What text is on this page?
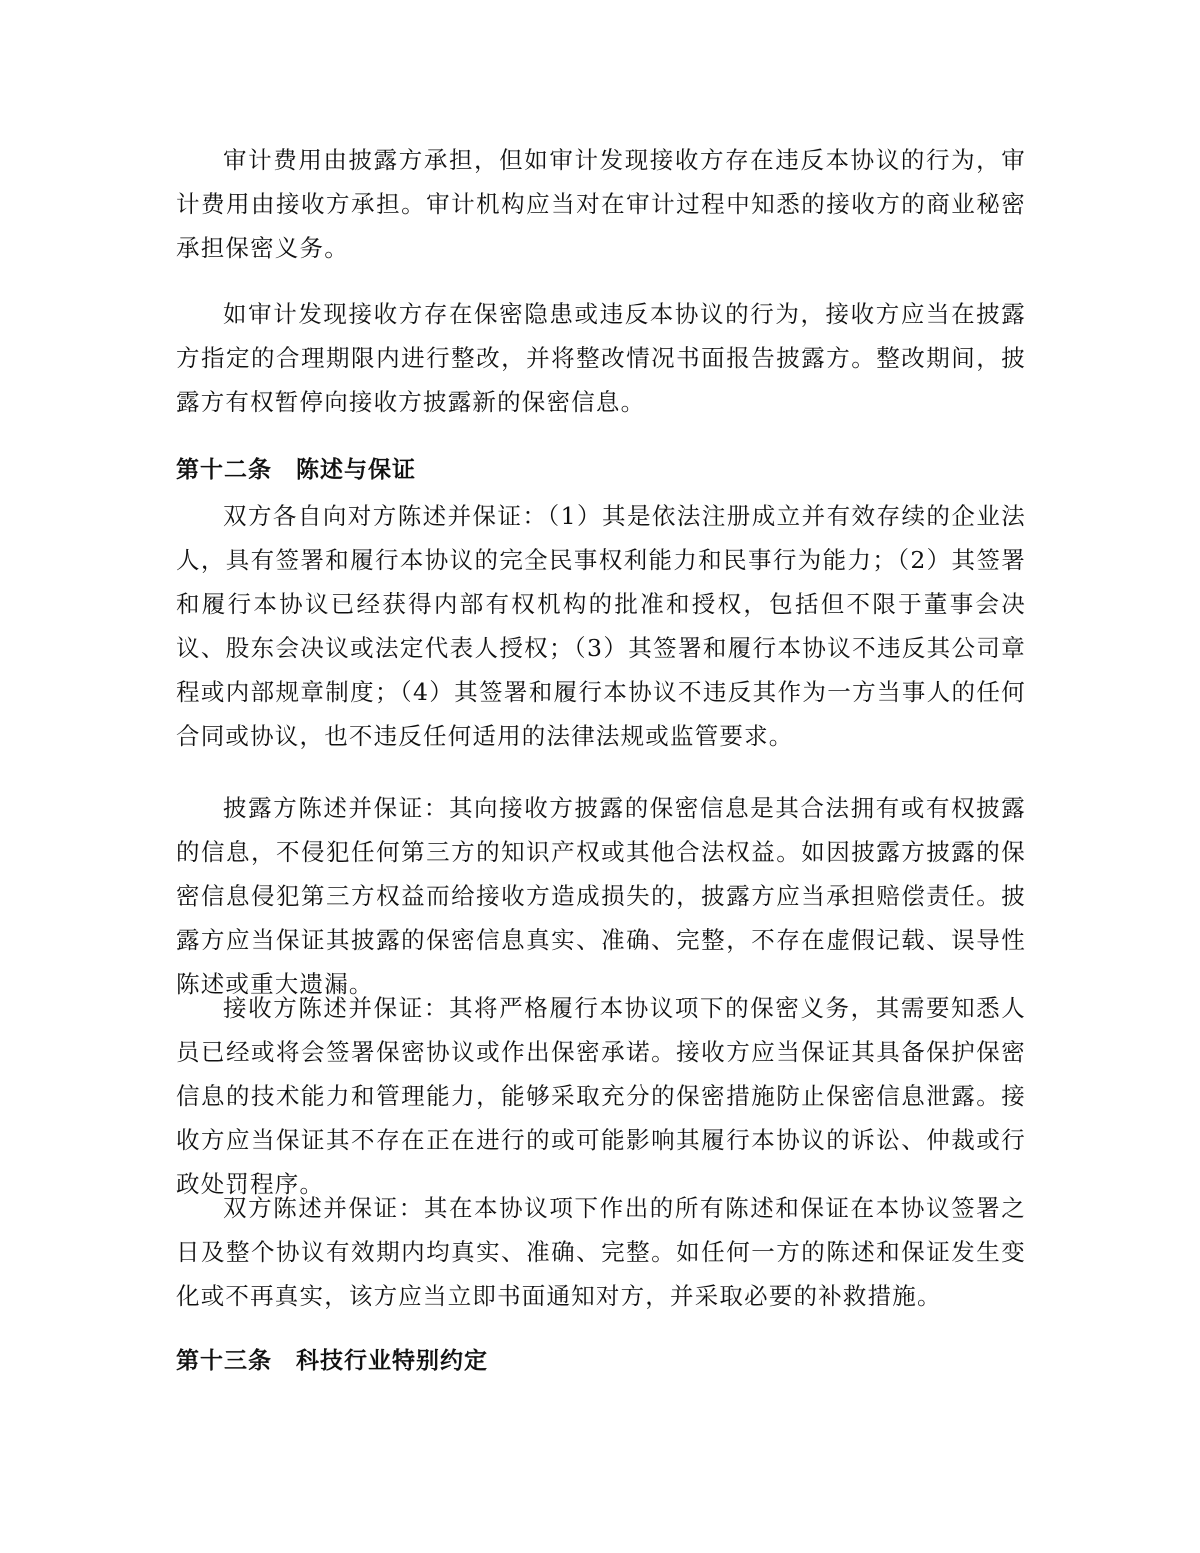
审计费用由披露方承担，但如审计发现接收方存在违反本协议的行为，审计费用由接收方承担。审计机构应当对在审计过程中知悉的接收方的商业秘密承担保密义务。

如审计发现接收方存在保密隐患或违反本协议的行为，接收方应当在披露方指定的合理期限内进行整改，并将整改情况书面报告披露方。整改期间，披露方有权暂停向接收方披露新的保密信息。

第十二条　陈述与保证

双方各自向对方陈述并保证：（1）其是依法注册成立并有效存续的企业法人，具有签署和履行本协议的完全民事权利能力和民事行为能力；（2）其签署和履行本协议已经获得内部有权机构的批准和授权，包括但不限于董事会决议、股东会决议或法定代表人授权；（3）其签署和履行本协议不违反其公司章程或内部规章制度；（4）其签署和履行本协议不违反其作为一方当事人的任何合同或协议，也不违反任何适用的法律法规或监管要求。

披露方陈述并保证：其向接收方披露的保密信息是其合法拥有或有权披露的信息，不侵犯任何第三方的知识产权或其他合法权益。如因披露方披露的保密信息侵犯第三方权益而给接收方造成损失的，披露方应当承担赔偿责任。披露方应当保证其披露的保密信息真实、准确、完整，不存在虚假记载、误导性陈述或重大遗漏。

接收方陈述并保证：其将严格履行本协议项下的保密义务，其需要知悉人员已经或将会签署保密协议或作出保密承诺。接收方应当保证其具备保护保密信息的技术能力和管理能力，能够采取充分的保密措施防止保密信息泄露。接收方应当保证其不存在正在进行的或可能影响其履行本协议的诉讼、仲裁或行政处罚程序。

双方陈述并保证：其在本协议项下作出的所有陈述和保证在本协议签署之日及整个协议有效期内均真实、准确、完整。如任何一方的陈述和保证发生变化或不再真实，该方应当立即书面通知对方，并采取必要的补救措施。

第十三条　科技行业特别约定
